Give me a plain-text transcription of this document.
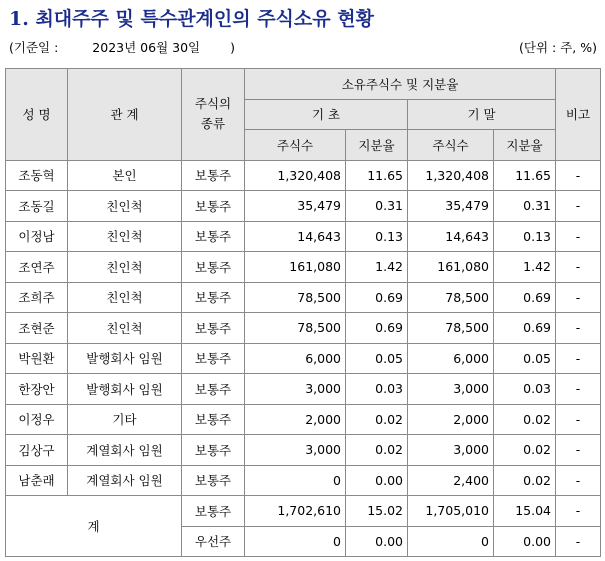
1. 최대주주 및 특수관계인의 주식소유 현황
(기준일 :	2023년 06월 30일 )	(단위 : 주, %)
성 명	관 계	주식의 종류	소유주식수 및 지분율				비고
			기 초		기 말		
			주식수	지분율	주식수	지분율	
조동혁	본인	보통주	1,320,408	11.65	1,320,408	11.65	-
조동길	친인척	보통주	35,479	0.31	35,479	0.31	-
이정남	친인척	보통주	14,643	0.13	14,643	0.13	-
조연주	친인척	보통주	161,080	1.42	161,080	1.42	-
조희주	친인척	보통주	78,500	0.69	78,500	0.69	-
조현준	친인척	보통주	78,500	0.69	78,500	0.69	-
박원환	발행회사 임원	보통주	6,000	0.05	6,000	0.05	-
한장안	발행회사 임원	보통주	3,000	0.03	3,000	0.03	-
이정우	기타	보통주	2,000	0.02	2,000	0.02	-
김상구	계열회사 임원	보통주	3,000	0.02	3,000	0.02	-
남춘래	계열회사 임원	보통주	0	0.00	2,400	0.02	-
계		보통주	1,702,610	15.02	1,705,010	15.04	-
		우선주	0	0.00	0	0.00	-
